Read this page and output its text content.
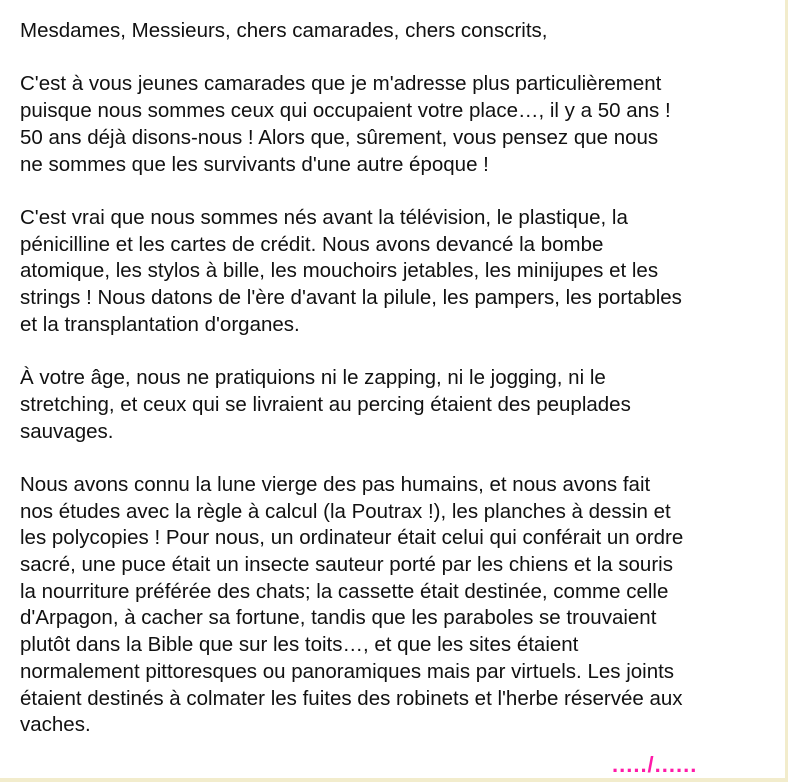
Mesdames, Messieurs, chers camarades, chers conscrits,
C'est à vous jeunes camarades que je m'adresse plus particulièrement
puisque nous sommes ceux qui occupaient votre place…, il y a 50 ans !
50 ans déjà disons-nous ! Alors que, sûrement, vous pensez que nous
ne sommes que les survivants d'une autre époque !
C'est vrai que nous sommes nés avant la télévision, le plastique, la
pénicilline et les cartes de crédit. Nous avons devancé la bombe
atomique, les stylos à bille, les mouchoirs jetables, les minijupes et les
strings ! Nous datons de l'ère d'avant la pilule, les pampers, les portables
et la transplantation d'organes.
À votre âge, nous ne pratiquions ni le zapping, ni le jogging, ni le
stretching, et ceux qui se livraient au percing étaient des peuplades
sauvages.
Nous avons connu la lune vierge des pas humains, et nous avons fait
nos études avec la règle à calcul (la Poutrax !), les planches à dessin et
les polycopies ! Pour nous, un ordinateur était celui qui conférait un ordre
sacré, une puce était un insecte sauteur porté par les chiens et la souris
la nourriture préférée des chats; la cassette était destinée, comme celle
d'Arpagon, à cacher sa fortune, tandis que les paraboles se trouvaient
plutôt dans la Bible que sur les toits…, et que les sites étaient
normalement pittoresques ou panoramiques mais par virtuels. Les joints
étaient destinés à colmater les fuites des robinets et l'herbe réservée aux
vaches.
...../......
